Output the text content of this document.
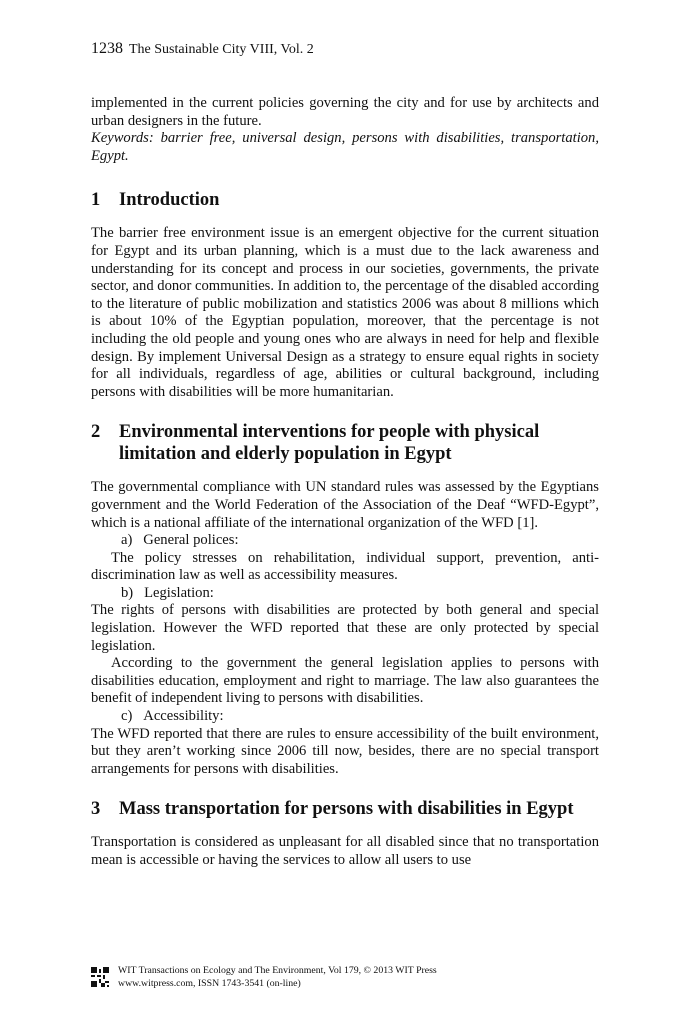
1238 The Sustainable City VIII, Vol. 2

implemented in the current policies governing the city and for use by architects and urban designers in the future.

Keywords: barrier free, universal design, persons with disabilities, transportation, Egypt.

1	Introduction

The barrier free environment issue is an emergent objective for the current situation for Egypt and its urban planning, which is a must due to the lack awareness and understanding for its concept and process in our societies, governments, the private sector, and donor communities. In addition to, the percentage of the disabled according to the literature of public mobilization and statistics 2006 was about 8 millions which is about 10% of the Egyptian population, moreover, that the percentage is not including the old people and young ones who are always in need for help and flexible design. By implement Universal Design as a strategy to ensure equal rights in society for all individuals, regardless of age, abilities or cultural background, including persons with disabilities will be more humanitarian.

2	Environmental interventions for people with physical limitation and elderly population in Egypt

The governmental compliance with UN standard rules was assessed by the Egyptians government and the World Federation of the Association of the Deaf “WFD-Egypt”, which is a national affiliate of the international organization of the WFD [1].

a)   General polices:

The policy stresses on rehabilitation, individual support, prevention, anti-discrimination law as well as accessibility measures.

b)   Legislation:

The rights of persons with disabilities are protected by both general and special legislation. However the WFD reported that these are only protected by special legislation.

According to the government the general legislation applies to persons with disabilities education, employment and right to marriage. The law also guarantees the benefit of independent living to persons with disabilities.

c)   Accessibility:

The WFD reported that there are rules to ensure accessibility of the built environment, but they aren’t working since 2006 till now, besides, there are no special transport arrangements for persons with disabilities.

3	Mass transportation for persons with disabilities in Egypt

Transportation is considered as unpleasant for all disabled since that no transportation mean is accessible or having the services to allow all users to use

WIT Transactions on Ecology and The Environment, Vol 179, © 2013 WIT Press
www.witpress.com, ISSN 1743-3541 (on-line)
